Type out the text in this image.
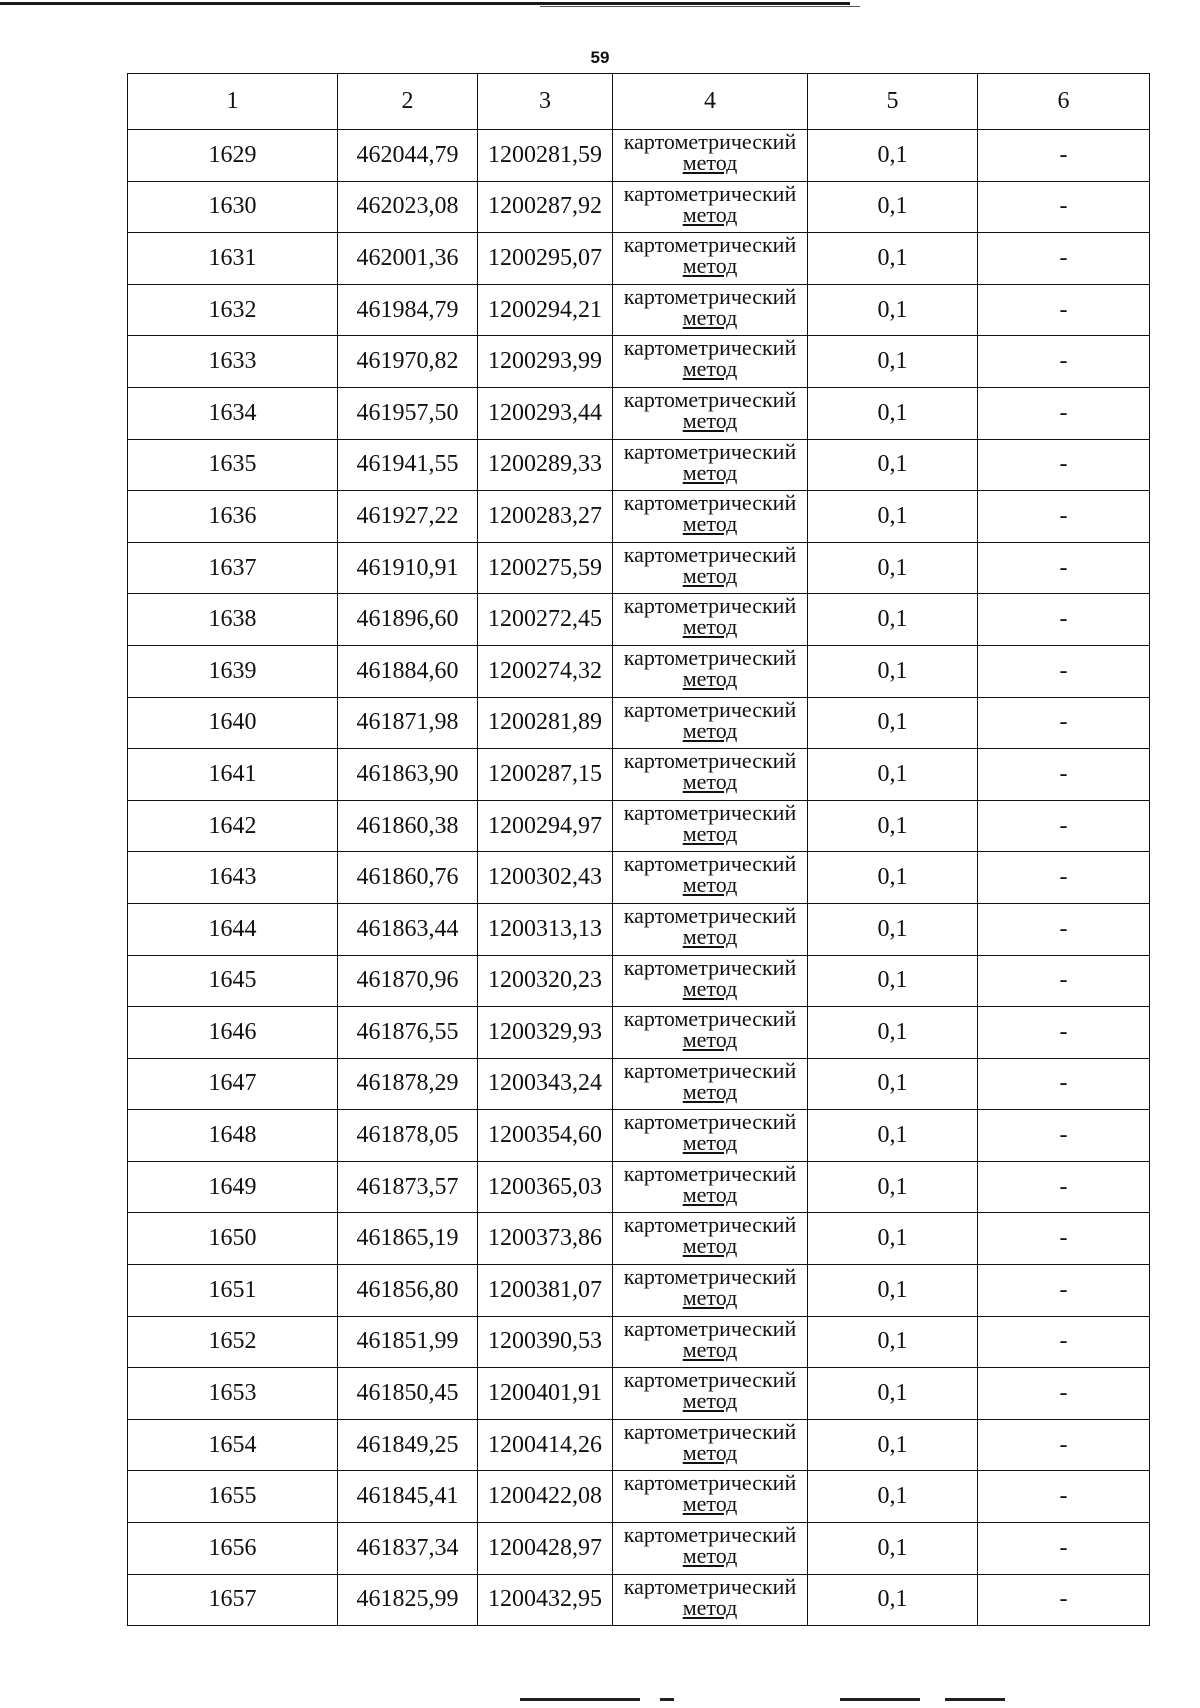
59
1	2	3	4	5	6
1629	462044,79	1200281,59	картометрический
метод	0,1	-
1630	462023,08	1200287,92	картометрический
метод	0,1	-
1631	462001,36	1200295,07	картометрический
метод	0,1	-
1632	461984,79	1200294,21	картометрический
метод	0,1	-
1633	461970,82	1200293,99	картометрический
метод	0,1	-
1634	461957,50	1200293,44	картометрический
метод	0,1	-
1635	461941,55	1200289,33	картометрический
метод	0,1	-
1636	461927,22	1200283,27	картометрический
метод	0,1	-
1637	461910,91	1200275,59	картометрический
метод	0,1	-
1638	461896,60	1200272,45	картометрический
метод	0,1	-
1639	461884,60	1200274,32	картометрический
метод	0,1	-
1640	461871,98	1200281,89	картометрический
метод	0,1	-
1641	461863,90	1200287,15	картометрический
метод	0,1	-
1642	461860,38	1200294,97	картометрический
метод	0,1	-
1643	461860,76	1200302,43	картометрический
метод	0,1	-
1644	461863,44	1200313,13	картометрический
метод	0,1	-
1645	461870,96	1200320,23	картометрический
метод	0,1	-
1646	461876,55	1200329,93	картометрический
метод	0,1	-
1647	461878,29	1200343,24	картометрический
метод	0,1	-
1648	461878,05	1200354,60	картометрический
метод	0,1	-
1649	461873,57	1200365,03	картометрический
метод	0,1	-
1650	461865,19	1200373,86	картометрический
метод	0,1	-
1651	461856,80	1200381,07	картометрический
метод	0,1	-
1652	461851,99	1200390,53	картометрический
метод	0,1	-
1653	461850,45	1200401,91	картометрический
метод	0,1	-
1654	461849,25	1200414,26	картометрический
метод	0,1	-
1655	461845,41	1200422,08	картометрический
метод	0,1	-
1656	461837,34	1200428,97	картометрический
метод	0,1	-
1657	461825,99	1200432,95	картометрический
метод	0,1	-
